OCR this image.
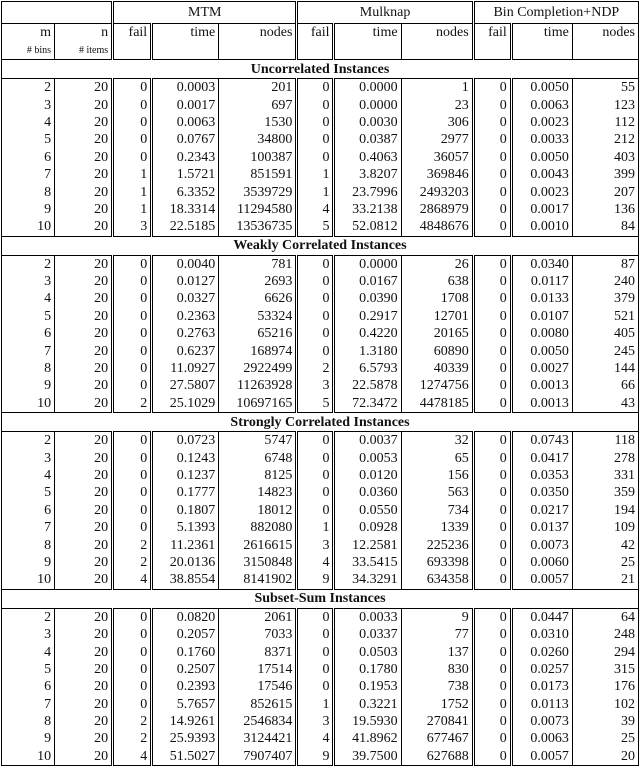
		MTM			Mulknap			Bin Completion+NDP		
m	n	fail	time	nodes	fail	time	nodes	fail	time	nodes
# bins	# items									
Uncorrelated Instances										
2	20	0	0.0003	201	0	0.0000	1	0	0.0050	55
3	20	0	0.0017	697	0	0.0000	23	0	0.0063	123
4	20	0	0.0063	1530	0	0.0030	306	0	0.0023	112
5	20	0	0.0767	34800	0	0.0387	2977	0	0.0033	212
6	20	0	0.2343	100387	0	0.4063	36057	0	0.0050	403
7	20	1	1.5721	851591	1	3.8207	369846	0	0.0043	399
8	20	1	6.3352	3539729	1	23.7996	2493203	0	0.0023	207
9	20	1	18.3314	11294580	4	33.2138	2868979	0	0.0017	136
10	20	3	22.5185	13536735	5	52.0812	4848676	0	0.0010	84
Weakly Correlated Instances										
2	20	0	0.0040	781	0	0.0000	26	0	0.0340	87
3	20	0	0.0127	2693	0	0.0167	638	0	0.0117	240
4	20	0	0.0327	6626	0	0.0390	1708	0	0.0133	379
5	20	0	0.2363	53324	0	0.2917	12701	0	0.0107	521
6	20	0	0.2763	65216	0	0.4220	20165	0	0.0080	405
7	20	0	0.6237	168974	0	1.3180	60890	0	0.0050	245
8	20	0	11.0927	2922499	2	6.5793	40339	0	0.0027	144
9	20	0	27.5807	11263928	3	22.5878	1274756	0	0.0013	66
10	20	2	25.1029	10697165	5	72.3472	4478185	0	0.0013	43
Strongly Correlated Instances										
2	20	0	0.0723	5747	0	0.0037	32	0	0.0743	118
3	20	0	0.1243	6748	0	0.0053	65	0	0.0417	278
4	20	0	0.1237	8125	0	0.0120	156	0	0.0353	331
5	20	0	0.1777	14823	0	0.0360	563	0	0.0350	359
6	20	0	0.1807	18012	0	0.0550	734	0	0.0217	194
7	20	0	5.1393	882080	1	0.0928	1339	0	0.0137	109
8	20	2	11.2361	2616615	3	12.2581	225236	0	0.0073	42
9	20	2	20.0136	3150848	4	33.5415	693398	0	0.0060	25
10	20	4	38.8554	8141902	9	34.3291	634358	0	0.0057	21
Subset-Sum Instances										
2	20	0	0.0820	2061	0	0.0033	9	0	0.0447	64
3	20	0	0.2057	7033	0	0.0337	77	0	0.0310	248
4	20	0	0.1760	8371	0	0.0503	137	0	0.0260	294
5	20	0	0.2507	17514	0	0.1780	830	0	0.0257	315
6	20	0	0.2393	17546	0	0.1953	738	0	0.0173	176
7	20	0	5.7657	852615	1	0.3221	1752	0	0.0113	102
8	20	2	14.9261	2546834	3	19.5930	270841	0	0.0073	39
9	20	2	25.9393	3124421	4	41.8962	677467	0	0.0063	25
10	20	4	51.5027	7907407	9	39.7500	627688	0	0.0057	20
